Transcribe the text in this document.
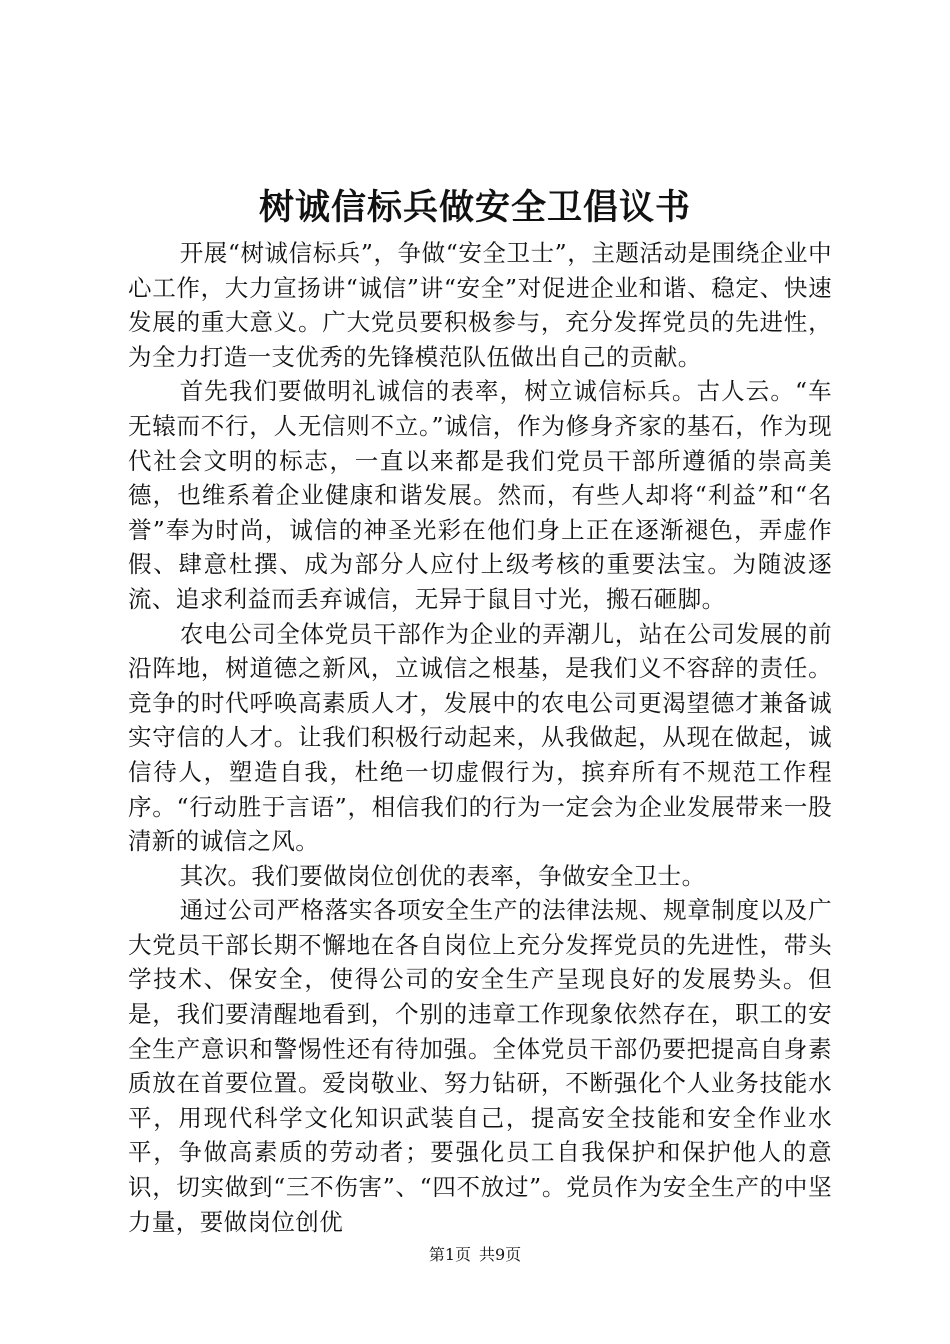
树诚信标兵做安全卫倡议书

开展“树诚信标兵”，争做“安全卫士”，主题活动是围绕企业中心工作，大力宣扬讲“诚信”讲“安全”对促进企业和谐、稳定、快速发展的重大意义。广大党员要积极参与，充分发挥党员的先进性，为全力打造一支优秀的先锋模范队伍做出自己的贡献。

首先我们要做明礼诚信的表率，树立诚信标兵。古人云。“车无辕而不行，人无信则不立。”诚信，作为修身齐家的基石，作为现代社会文明的标志，一直以来都是我们党员干部所遵循的崇高美德，也维系着企业健康和谐发展。然而，有些人却将“利益”和“名誉”奉为时尚，诚信的神圣光彩在他们身上正在逐渐褪色，弄虚作假、肆意杜撰、成为部分人应付上级考核的重要法宝。为随波逐流、追求利益而丢弃诚信，无异于鼠目寸光，搬石砸脚。

农电公司全体党员干部作为企业的弄潮儿，站在公司发展的前沿阵地，树道德之新风，立诚信之根基，是我们义不容辞的责任。竞争的时代呼唤高素质人才，发展中的农电公司更渴望德才兼备诚实守信的人才。让我们积极行动起来，从我做起，从现在做起，诚信待人，塑造自我，杜绝一切虚假行为，摈弃所有不规范工作程序。“行动胜于言语”，相信我们的行为一定会为企业发展带来一股清新的诚信之风。

其次。我们要做岗位创优的表率，争做安全卫士。

通过公司严格落实各项安全生产的法律法规、规章制度以及广大党员干部长期不懈地在各自岗位上充分发挥党员的先进性，带头学技术、保安全，使得公司的安全生产呈现良好的发展势头。但是，我们要清醒地看到，个别的违章工作现象依然存在，职工的安全生产意识和警惕性还有待加强。全体党员干部仍要把提高自身素质放在首要位置。爱岗敬业、努力钻研，不断强化个人业务技能水平，用现代科学文化知识武装自己，提高安全技能和安全作业水平，争做高素质的劳动者；要强化员工自我保护和保护他人的意识，切实做到“三不伤害”、“四不放过”。党员作为安全生产的中坚力量，要做岗位创优

第1页 共9页
